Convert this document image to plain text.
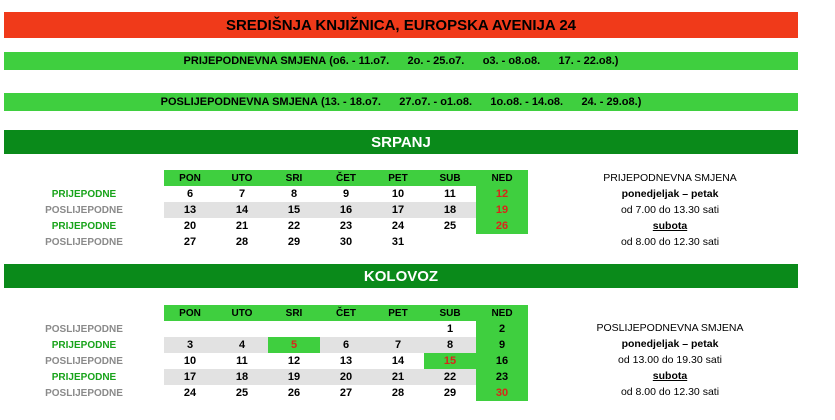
SREDIŠNJA KNJIŽNICA, EUROPSKA AVENIJA 24
PRIJEPODNEVNA SMJENA
(o6. - 11.o7.
2o. - 25.o7.
o3. - o8.o8.
17. - 22.o8.)
POSLIJEPODNEVNA SMJENA
(13. - 18.o7.
27.o7. - o1.o8.
1o.o8. - 14.o8.
24. - 29.o8.)
SRPANJ
	PON	UTO	SRI	ČET	PET	SUB	NED
PRIJEPODNE	6	7	8	9	10	11	12
POSLIJEPODNE	13	14	15	16	17	18	19
PRIJEPODNE	20	21	22	23	24	25	26
POSLIJEPODNE	27	28	29	30	31		
PRIJEPODNEVNA SMJENA
ponedjeljak – petak
od 7.00 do 13.30 sati
subota
od 8.00 do 12.30 sati
KOLOVOZ
	PON	UTO	SRI	ČET	PET	SUB	NED
POSLIJEPODNE						1	2
PRIJEPODNE	3	4	5	6	7	8	9
POSLIJEPODNE	10	11	12	13	14	15	16
PRIJEPODNE	17	18	19	20	21	22	23
POSLIJEPODNE	24	25	26	27	28	29	30
POSLIJEPODNEVNA SMJENA
ponedjeljak – petak
od 13.00 do 19.30 sati
subota
od 8.00 do 12.30 sati
